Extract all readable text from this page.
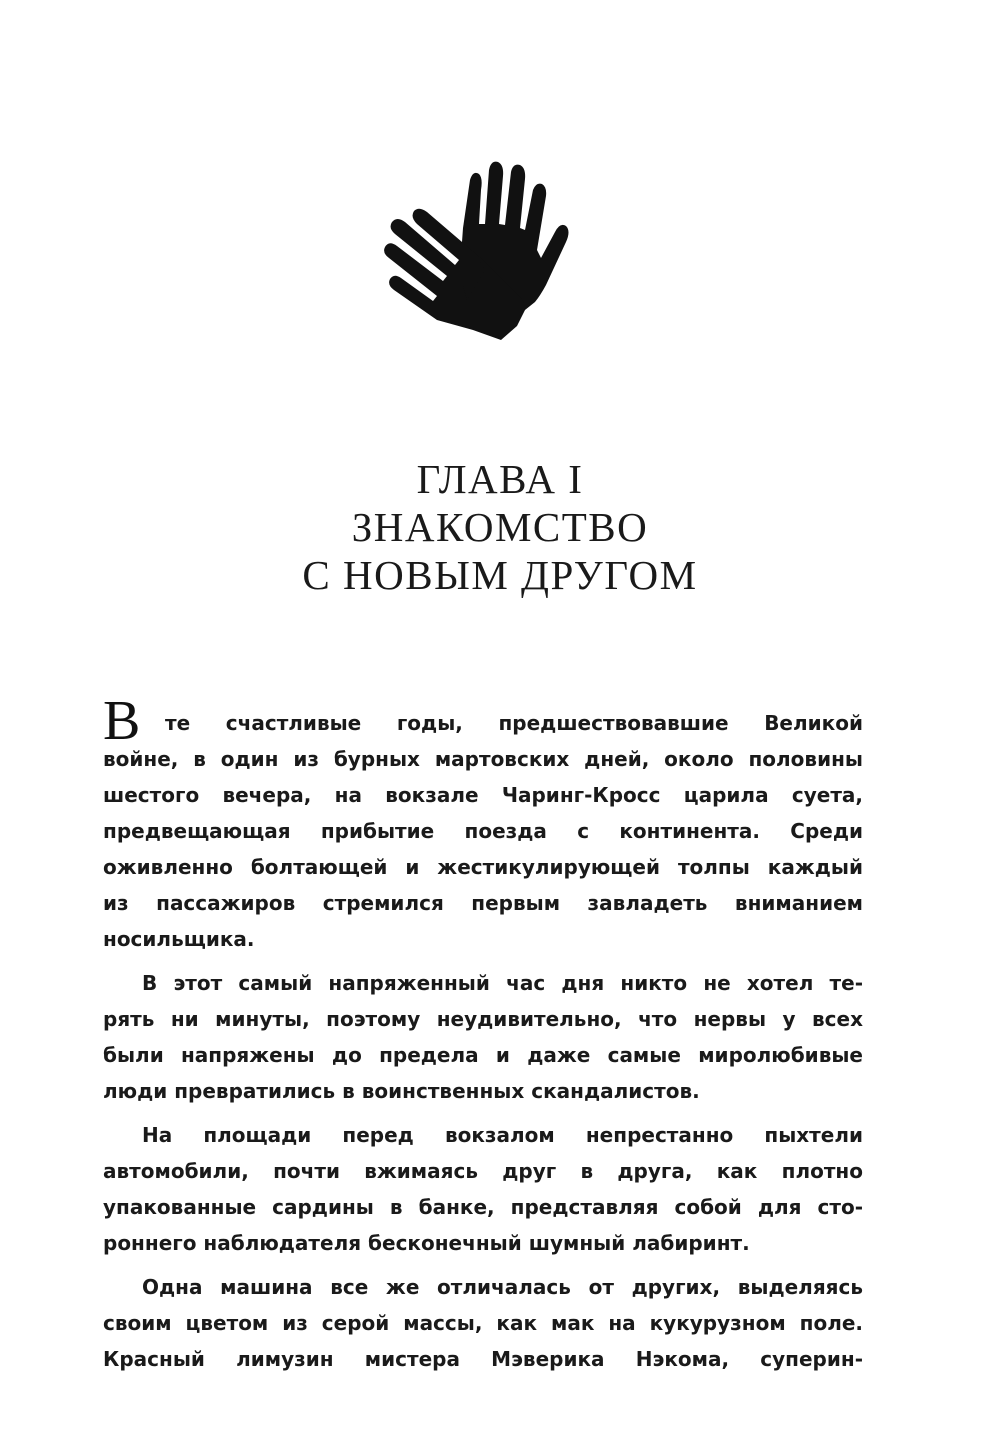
ГЛАВА I
ЗНАКОМСТВО
С НОВЫМ ДРУГОМ
В те счастливые годы, предшествовавшие Великой
войне, в один из бурных мартовских дней, около половины
шестого вечера, на вокзале Чаринг-Кросс царила суета,
предвещающая прибытие поезда с континента. Среди
оживленно болтающей и жестикулирующей толпы каждый
из пассажиров стремился первым завладеть вниманием
носильщика.
В этот самый напряженный час дня никто не хотел те-
рять ни минуты, поэтому неудивительно, что нервы у всех
были напряжены до предела и даже самые миролюбивые
люди превратились в воинственных скандалистов.
На площади перед вокзалом непрестанно пыхтели
автомобили, почти вжимаясь друг в друга, как плотно
упакованные сардины в банке, представляя собой для сто-
роннего наблюдателя бесконечный шумный лабиринт.
Одна машина все же отличалась от других, выделяясь
своим цветом из серой массы, как мак на кукурузном поле.
Красный лимузин мистера Мэверика Нэкома, суперин-
